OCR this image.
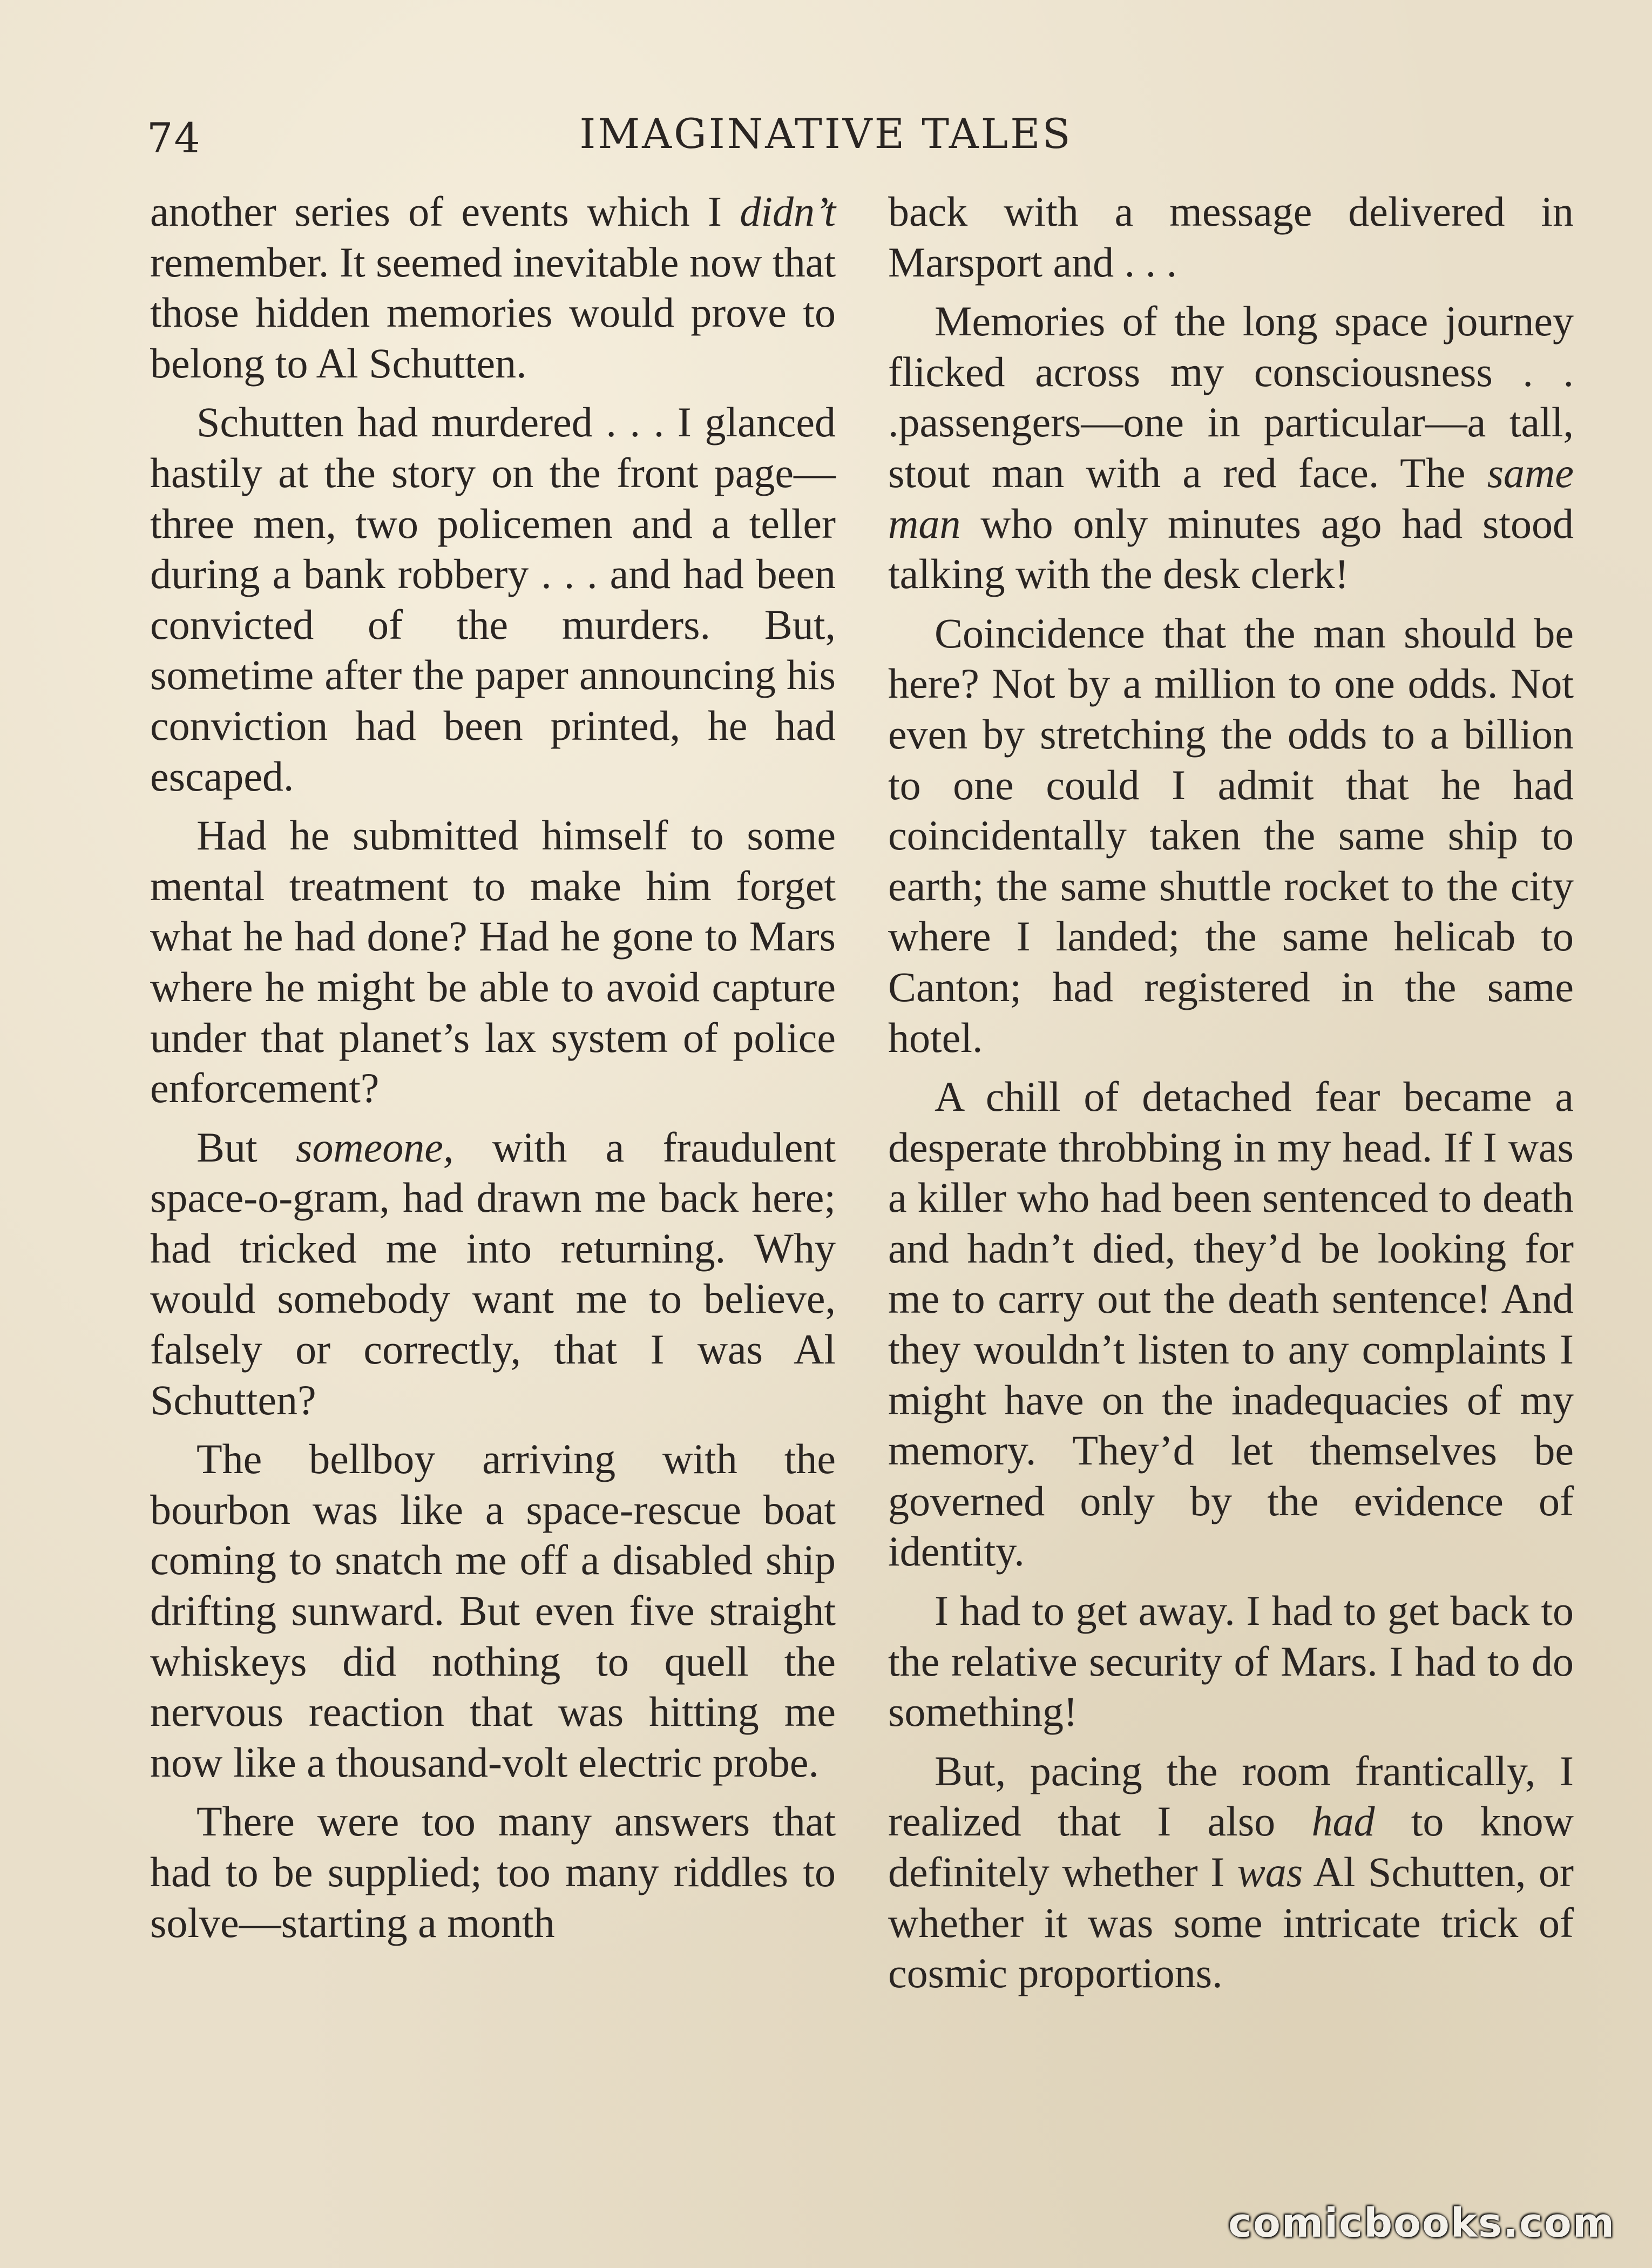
74	IMAGINATIVE TALES

another series of events which I didn’t remember. It seemed inevitable now that those hidden memories would prove to belong to Al Schutten.

Schutten had murdered . . . I glanced hastily at the story on the front page—three men, two policemen and a teller during a bank robbery . . . and had been convicted of the murders. But, sometime after the paper announcing his conviction had been printed, he had escaped.

Had he submitted himself to some mental treatment to make him forget what he had done? Had he gone to Mars where he might be able to avoid capture under that planet’s lax system of police enforcement?

But someone, with a fraudulent space-o-gram, had drawn me back here; had tricked me into returning. Why would somebody want me to believe, falsely or correctly, that I was Al Schutten?

The bellboy arriving with the bourbon was like a space-rescue boat coming to snatch me off a disabled ship drifting sunward. But even five straight whiskeys did nothing to quell the nervous reaction that was hitting me now like a thousand-volt electric probe.

There were too many answers that had to be supplied; too many riddles to solve—starting a month

back with a message delivered in Marsport and . . .

Memories of the long space journey flicked across my consciousness . . .passengers—one in particular—a tall, stout man with a red face. The same man who only minutes ago had stood talking with the desk clerk!

Coincidence that the man should be here? Not by a million to one odds. Not even by stretching the odds to a billion to one could I admit that he had coincidentally taken the same ship to earth; the same shuttle rocket to the city where I landed; the same helicab to Canton; had registered in the same hotel.

A chill of detached fear became a desperate throbbing in my head. If I was a killer who had been sentenced to death and hadn’t died, they’d be looking for me to carry out the death sentence! And they wouldn’t listen to any complaints I might have on the inadequacies of my memory. They’d let themselves be governed only by the evidence of identity.

I had to get away. I had to get back to the relative security of Mars. I had to do something!

But, pacing the room frantically, I realized that I also had to know definitely whether I was Al Schutten, or whether it was some intricate trick of cosmic proportions.

comicbooks.com
